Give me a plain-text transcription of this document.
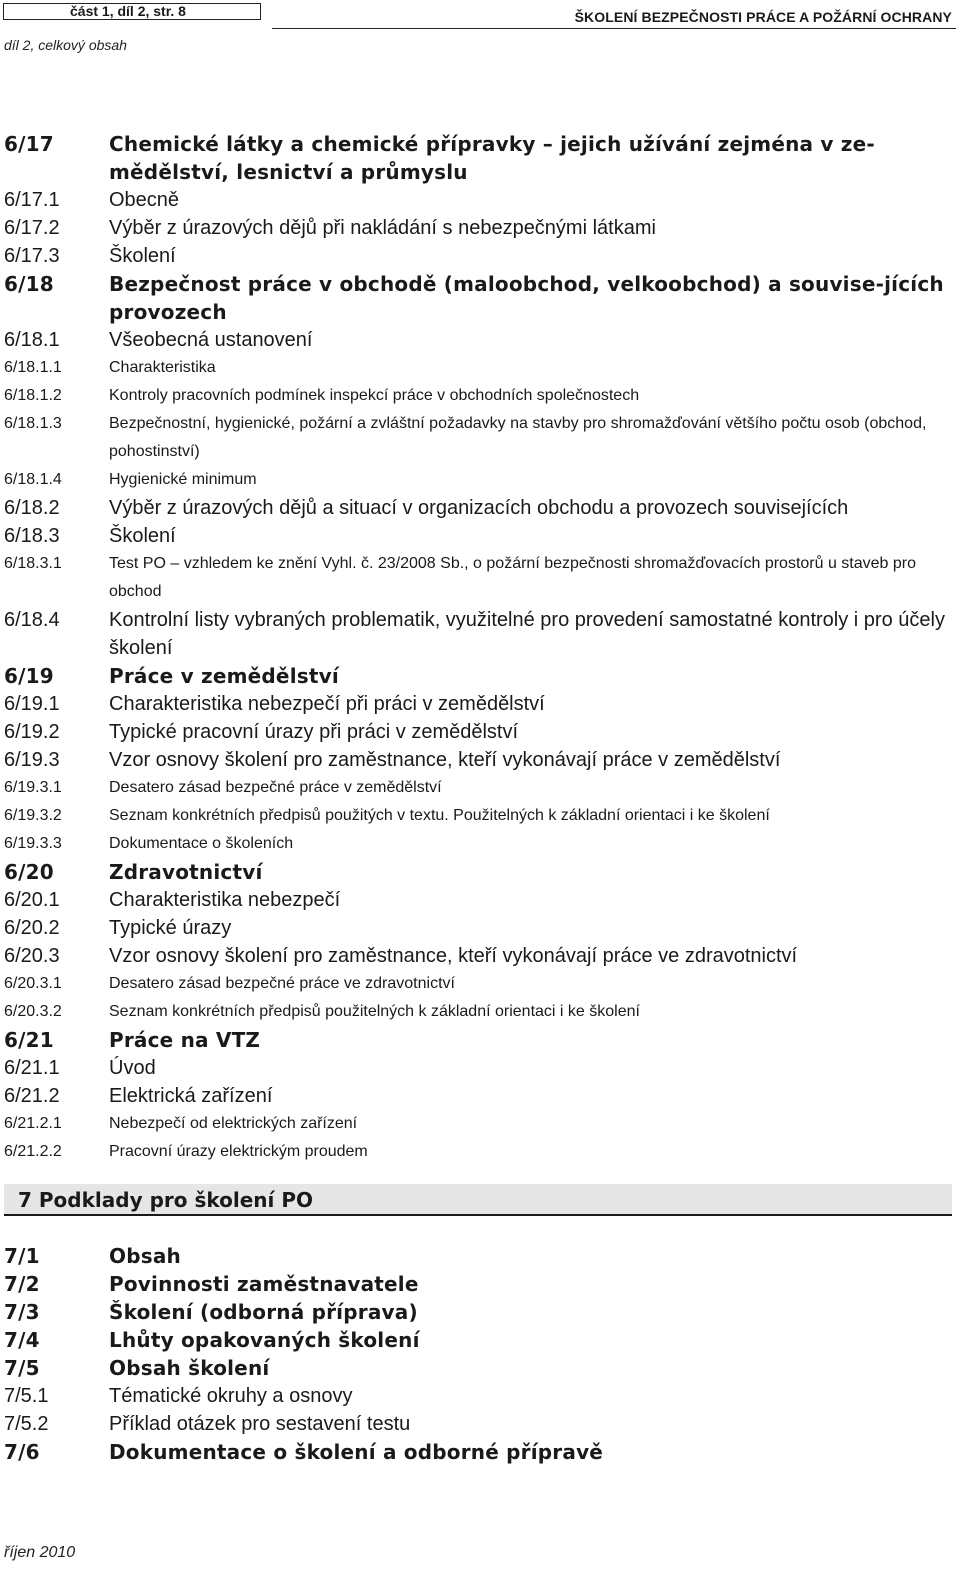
část 1, díl 2, str. 8
díl 2, celkový obsah
ŠKOLENÍ BEZPEČNOSTI PRÁCE A POŽÁRNÍ OCHRANY
6/17	Chemické látky a chemické přípravky – jejich užívání zejména v ze-mědělství, lesnictví a průmyslu
6/17.1	Obecně
6/17.2	Výběr z úrazových dějů při nakládání s nebezpečnými látkami
6/17.3	Školení
6/18	Bezpečnost práce v obchodě (maloobchod, velkoobchod) a souvise-jících provozech
6/18.1	Všeobecná ustanovení
6/18.1.1	Charakteristika
6/18.1.2	Kontroly pracovních podmínek inspekcí práce v obchodních společnostech
6/18.1.3	Bezpečnostní, hygienické, požární a zvláštní požadavky na stavby pro shromažďování většího počtu osob (obchod, pohostinství)
6/18.1.4	Hygienické minimum
6/18.2	Výběr z úrazových dějů a situací v organizacích obchodu a provozech souvisejících
6/18.3	Školení
6/18.3.1	Test PO – vzhledem ke znění Vyhl. č. 23/2008 Sb., o požární bezpečnosti shromažďovacích prostorů u staveb pro obchod
6/18.4	Kontrolní listy vybraných problematik, využitelné pro provedení samostatné kontroly i pro účely školení
6/19	Práce v zemědělství
6/19.1	Charakteristika nebezpečí při práci v zemědělství
6/19.2	Typické pracovní úrazy při práci v zemědělství
6/19.3	Vzor osnovy školení pro zaměstnance, kteří vykonávají práce v zemědělství
6/19.3.1	Desatero zásad bezpečné práce v zemědělství
6/19.3.2	Seznam konkrétních předpisů použitých v textu. Použitelných k základní orientaci i ke školení
6/19.3.3	Dokumentace o školeních
6/20	Zdravotnictví
6/20.1	Charakteristika nebezpečí
6/20.2	Typické úrazy
6/20.3	Vzor osnovy školení pro zaměstnance, kteří vykonávají práce ve zdravotnictví
6/20.3.1	Desatero zásad bezpečné práce ve zdravotnictví
6/20.3.2	Seznam konkrétních předpisů použitelných k základní orientaci i ke školení
6/21	Práce na VTZ
6/21.1	Úvod
6/21.2	Elektrická zařízení
6/21.2.1	Nebezpečí od elektrických zařízení
6/21.2.2	Pracovní úrazy elektrickým proudem
7 Podklady pro školení PO
7/1	Obsah
7/2	Povinnosti zaměstnavatele
7/3	Školení (odborná příprava)
7/4	Lhůty opakovaných školení
7/5	Obsah školení
7/5.1	Tématické okruhy a osnovy
7/5.2	Příklad otázek pro sestavení testu
7/6	Dokumentace o školení a odborné přípravě
říjen 2010
